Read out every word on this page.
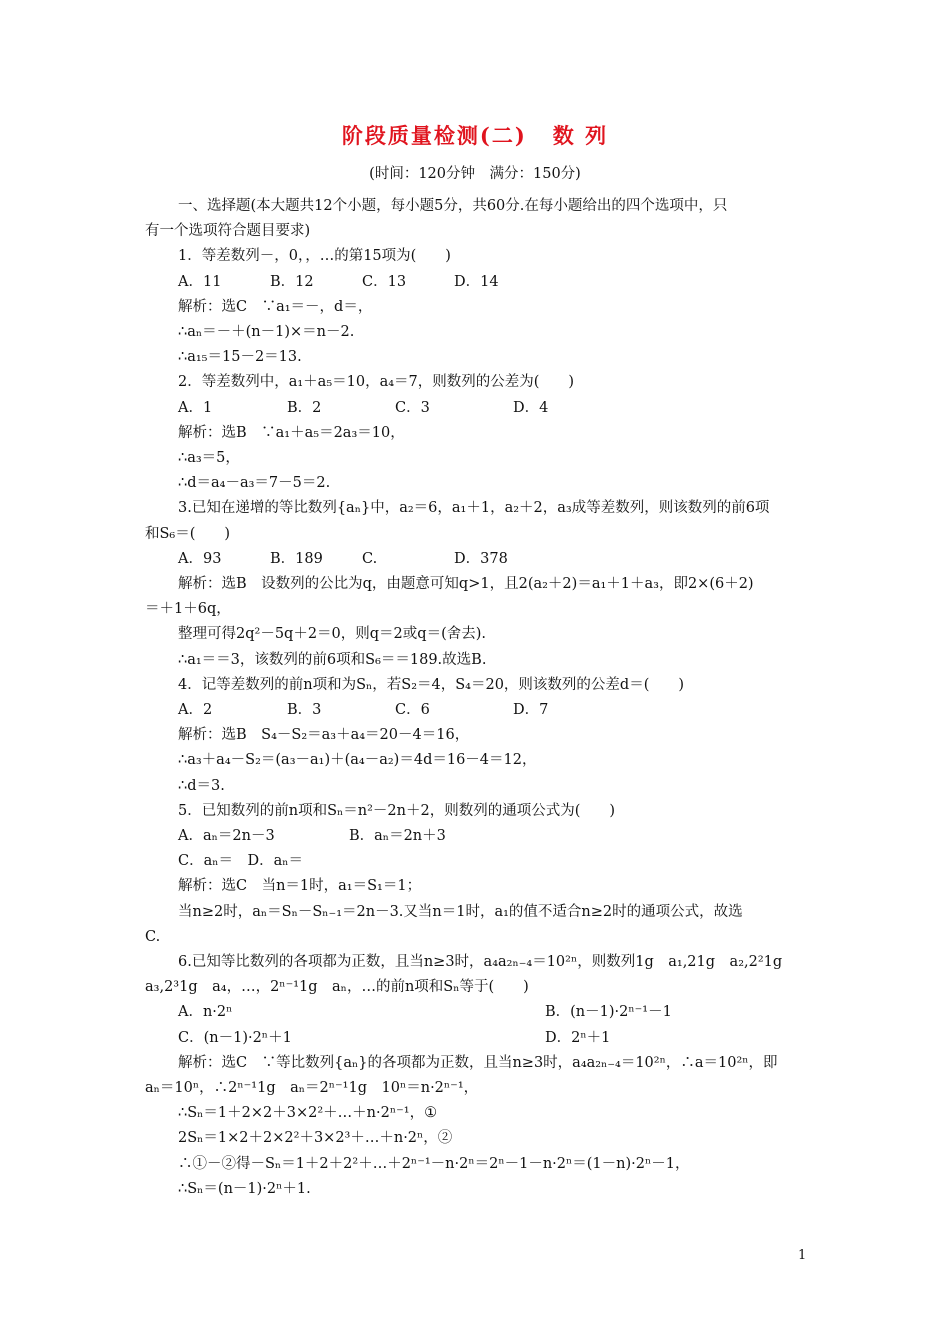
阶段质量检测(二) 数 列
(时间：120分钟　满分：150分)
一、选择题(本大题共12个小题，每小题5分，共60分.在每小题给出的四个选项中，只
有一个选项符合题目要求)
1．等差数列－，0，，…的第15项为(　　)
A．11	B．12	C．13	D．14
解析：选C　∵a₁＝－，d＝，
∴aₙ＝－＋(n－1)×＝n－2.
∴a₁₅＝15－2＝13.
2．等差数列中，a₁＋a₅＝10，a₄＝7，则数列的公差为(　　)
A．1	B．2	C．3	D．4
解析：选B　∵a₁＋a₅＝2a₃＝10，
∴a₃＝5，
∴d＝a₄－a₃＝7－5＝2.
3.已知在递增的等比数列{aₙ}中，a₂＝6，a₁＋1，a₂＋2，a₃成等差数列，则该数列的前6项
和S₆＝(　　)
A．93	B．189	C.	D．378
解析：选B　设数列的公比为q，由题意可知q>1，且2(a₂＋2)＝a₁＋1＋a₃，即2×(6＋2)
＝＋1＋6q，
整理可得2q²－5q＋2＝0，则q＝2或q＝(舍去).
∴a₁＝＝3，该数列的前6项和S₆＝＝189.故选B.
4．记等差数列的前n项和为Sₙ，若S₂＝4，S₄＝20，则该数列的公差d＝(　　)
A．2	B．3	C．6	D．7
解析：选B　S₄－S₂＝a₃＋a₄＝20－4＝16，
∴a₃＋a₄－S₂＝(a₃－a₁)＋(a₄－a₂)＝4d＝16－4＝12，
∴d＝3.
5．已知数列的前n项和Sₙ＝n²－2n＋2，则数列的通项公式为(　　)
A．aₙ＝2n－3	B．aₙ＝2n＋3
C．aₙ＝　D．aₙ＝
解析：选C　当n＝1时，a₁＝S₁＝1；
当n≥2时，aₙ＝Sₙ－Sₙ₋₁＝2n－3.又当n＝1时，a₁的值不适合n≥2时的通项公式，故选
C.
6.已知等比数列的各项都为正数，且当n≥3时，a₄a₂ₙ₋₄＝10²ⁿ，则数列1g　a₁,21g　a₂,2²1g
a₃,2³1g　a₄，…，2ⁿ⁻¹1g　aₙ，…的前n项和Sₙ等于(　　)
A．n·2ⁿ	B．(n－1)·2ⁿ⁻¹－1
C．(n－1)·2ⁿ＋1	D．2ⁿ＋1
解析：选C　∵等比数列{aₙ}的各项都为正数，且当n≥3时，a₄a₂ₙ₋₄＝10²ⁿ，∴a＝10²ⁿ，即
aₙ＝10ⁿ，∴2ⁿ⁻¹1g　aₙ＝2ⁿ⁻¹1g　10ⁿ＝n·2ⁿ⁻¹，
∴Sₙ＝1＋2×2＋3×2²＋…＋n·2ⁿ⁻¹，①
2Sₙ＝1×2＋2×2²＋3×2³＋…＋n·2ⁿ，②
∴①－②得－Sₙ＝1＋2＋2²＋…＋2ⁿ⁻¹－n·2ⁿ＝2ⁿ－1－n·2ⁿ＝(1－n)·2ⁿ－1，
∴Sₙ＝(n－1)·2ⁿ＋1.
1
